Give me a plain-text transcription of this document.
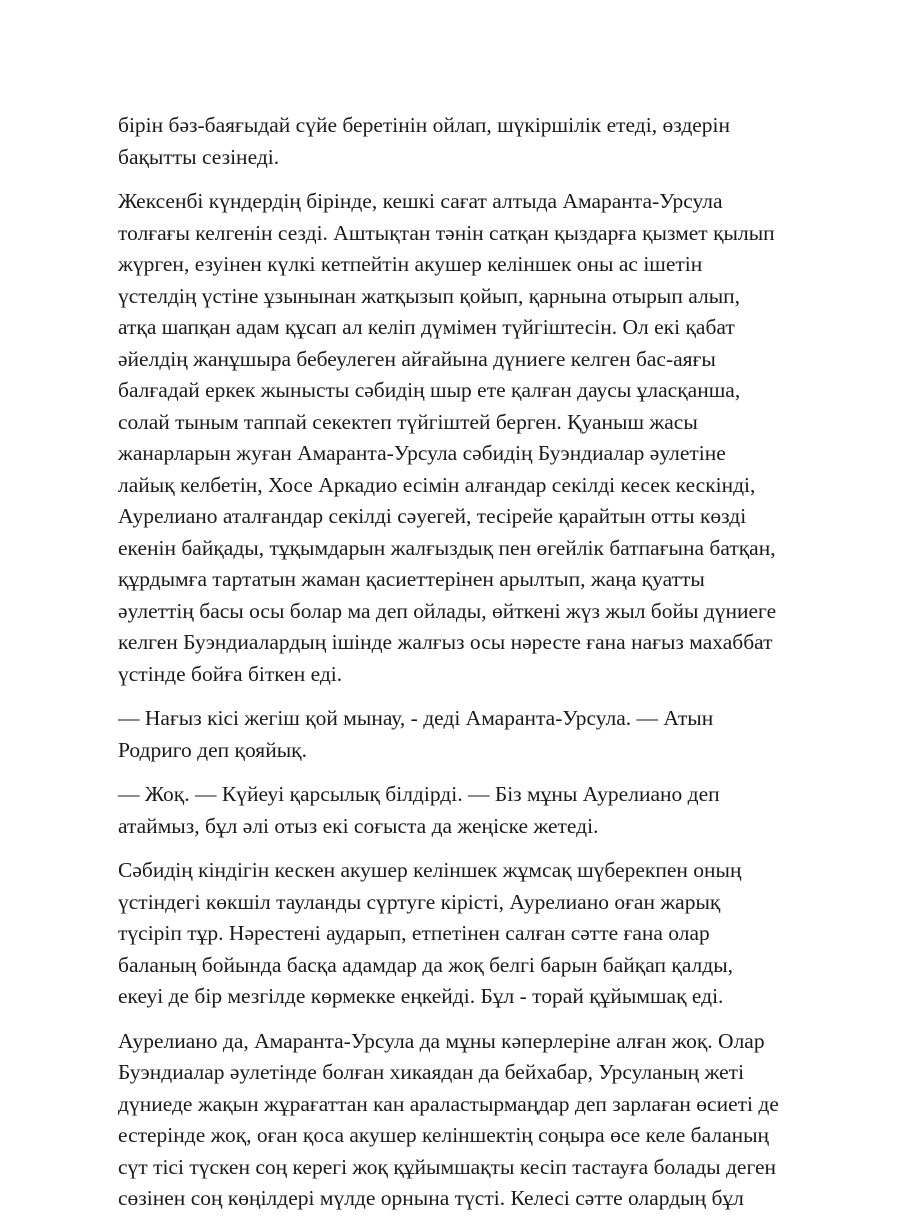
бірін бәз-баяғыдай сүйе беретінін ойлап, шүкіршілік етеді, өздерін
бақытты сезінеді.

Жексенбі күндердің бірінде, кешкі сағат алтыда Амаранта-Урсула
толғағы келгенін сезді. Аштықтан тәнін сатқан қыздарға қызмет қылып
жүрген, езуінен күлкі кетпейтін акушер келіншек оны ас ішетін
үстелдің үстіне ұзынынан жатқызып қойып, қарнына отырып алып,
атқа шапқан адам құсап ал келіп дүмімен түйгіштесін. Ол екі қабат
әйелдің жанұшыра бебеулеген айғайына дүниеге келген бас-аяғы
балғадай еркек жынысты сәбидің шыр ете қалған даусы ұласқанша,
солай тыным таппай секектеп түйгіштей берген. Қуаныш жасы
жанарларын жуған Амаранта-Урсула сәбидің Буэндиалар әулетіне
лайық келбетін, Хосе Аркадио есімін алғандар секілді кесек кескінді,
Аурелиано аталғандар секілді сәуегей, тесірейе қарайтын отты көзді
екенін байқады, тұқымдарын жалғыздық пен өгейлік батпағына батқан,
құрдымға тартатын жаман қасиеттерінен арылтып, жаңа қуатты
әулеттің басы осы болар ма деп ойлады, өйткені жүз жыл бойы дүниеге
келген Буэндиалардың ішінде жалғыз осы нәресте ғана нағыз махаббат
үстінде бойға біткен еді.

— Нағыз кісі жегіш қой мынау, - деді Амаранта-Урсула. — Атын
Родриго деп қояйық.

— Жоқ. — Күйеуі қарсылық білдірді. — Біз мұны Аурелиано деп
атаймыз, бұл әлі отыз екі соғыста да жеңіске жетеді.

Сәбидің кіндігін кескен акушер келіншек жұмсақ шүберекпен оның
үстіндегі көкшіл тауланды сүртуге кірісті, Аурелиано оған жарық
түсіріп тұр. Нәрестені аударып, етпетінен салған сәтте ғана олар
баланың бойында басқа адамдар да жоқ белгі барын байқап қалды,
екеуі де бір мезгілде көрмекке еңкейді. Бұл - торай құйымшақ еді.

Аурелиано да, Амаранта-Урсула да мұны кәперлеріне алған жоқ. Олар
Буэндиалар әулетінде болған хикаядан да бейхабар, Урсуланың жеті
дүниеде жақын жұрағаттан кан араластырмаңдар деп зарлаған өсиеті де
естерінде жоқ, оған қоса акушер келіншектің соңыра өсе келе баланың
сүт тісі түскен соң керегі жоқ құйымшақты кесіп тастауға болады деген
сөзінен соң көңілдері мүлде орнына түсті. Келесі сәтте олардың бұл
